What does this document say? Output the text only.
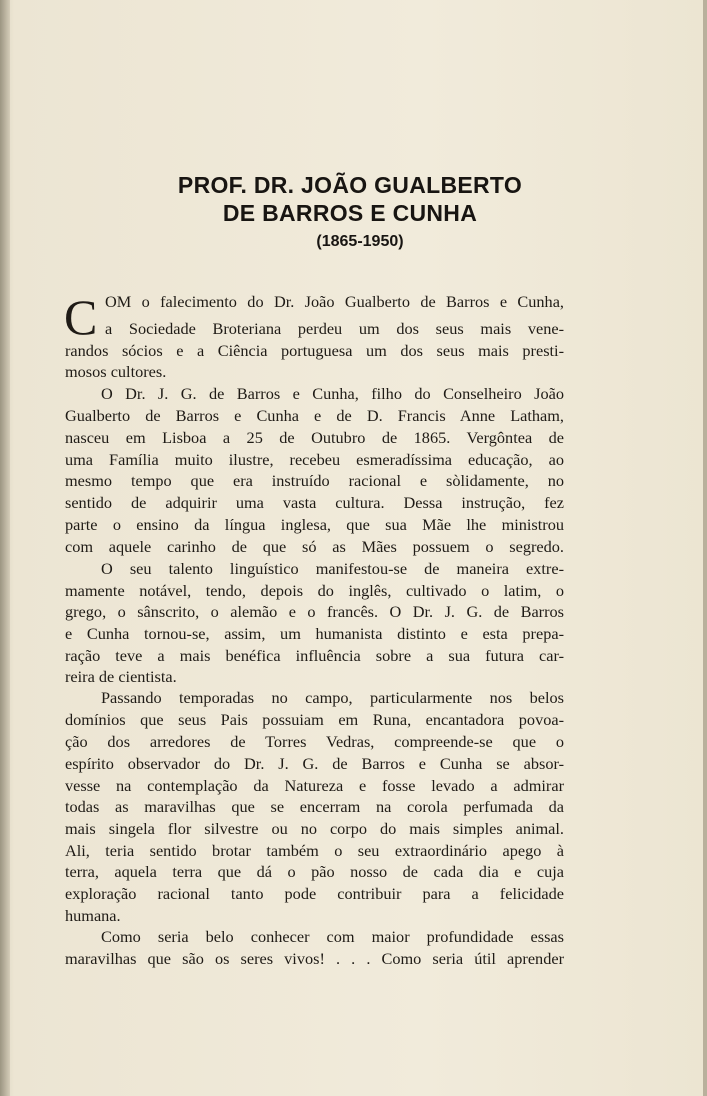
PROF. DR. JOÃO GUALBERTO
DE BARROS E CUNHA
(1865-1950)
C OM o falecimento do Dr. João Gualberto de Barros e Cunha,
a Sociedade Broteriana perdeu um dos seus mais vene-
randos sócios e a Ciência portuguesa um dos seus mais presti-
mosos cultores.
O Dr. J. G. de Barros e Cunha, filho do Conselheiro João
Gualberto de Barros e Cunha e de D. Francis Anne Latham,
nasceu em Lisboa a 25 de Outubro de 1865. Vergôntea de
uma Família muito ilustre, recebeu esmeradíssima educação, ao
mesmo tempo que era instruído racional e sòlidamente, no
sentido de adquirir uma vasta cultura. Dessa instrução, fez
parte o ensino da língua inglesa, que sua Mãe lhe ministrou
com aquele carinho de que só as Mães possuem o segredo.
O seu talento linguístico manifestou-se de maneira extre-
mamente notável, tendo, depois do inglês, cultivado o latim, o
grego, o sânscrito, o alemão e o francês. O Dr. J. G. de Barros
e Cunha tornou-se, assim, um humanista distinto e esta prepa-
ração teve a mais benéfica influência sobre a sua futura car-
reira de cientista.
Passando temporadas no campo, particularmente nos belos
domínios que seus Pais possuiam em Runa, encantadora povoa-
ção dos arredores de Torres Vedras, compreende-se que o
espírito observador do Dr. J. G. de Barros e Cunha se absor-
vesse na contemplação da Natureza e fosse levado a admirar
todas as maravilhas que se encerram na corola perfumada da
mais singela flor silvestre ou no corpo do mais simples animal.
Ali, teria sentido brotar também o seu extraordinário apego à
terra, aquela terra que dá o pão nosso de cada dia e cuja
exploração racional tanto pode contribuir para a felicidade
humana.
Como seria belo conhecer com maior profundidade essas
maravilhas que são os seres vivos! . . . Como seria útil aprender
